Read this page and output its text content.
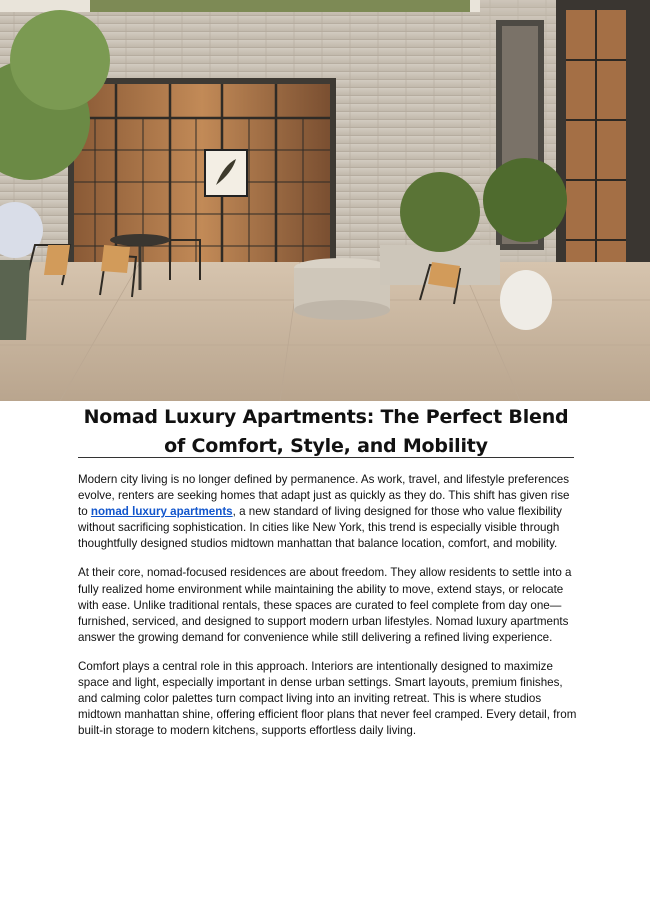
Nomad Luxury Apartments: The Perfect Blend of Comfort, Style, and Mobility

Modern city living is no longer defined by permanence. As work, travel, and lifestyle preferences evolve, renters are seeking homes that adapt just as quickly as they do. This shift has given rise to nomad luxury apartments, a new standard of living designed for those who value flexibility without sacrificing sophistication. In cities like New York, this trend is especially visible through thoughtfully designed studios midtown manhattan that balance location, comfort, and mobility.

At their core, nomad-focused residences are about freedom. They allow residents to settle into a fully realized home environment while maintaining the ability to move, extend stays, or relocate with ease. Unlike traditional rentals, these spaces are curated to feel complete from day one—furnished, serviced, and designed to support modern urban lifestyles. Nomad luxury apartments answer the growing demand for convenience while still delivering a refined living experience.

Comfort plays a central role in this approach. Interiors are intentionally designed to maximize space and light, especially important in dense urban settings. Smart layouts, premium finishes, and calming color palettes turn compact living into an inviting retreat. This is where studios midtown manhattan shine, offering efficient floor plans that never feel cramped. Every detail, from built-in storage to modern kitchens, supports effortless daily living.
